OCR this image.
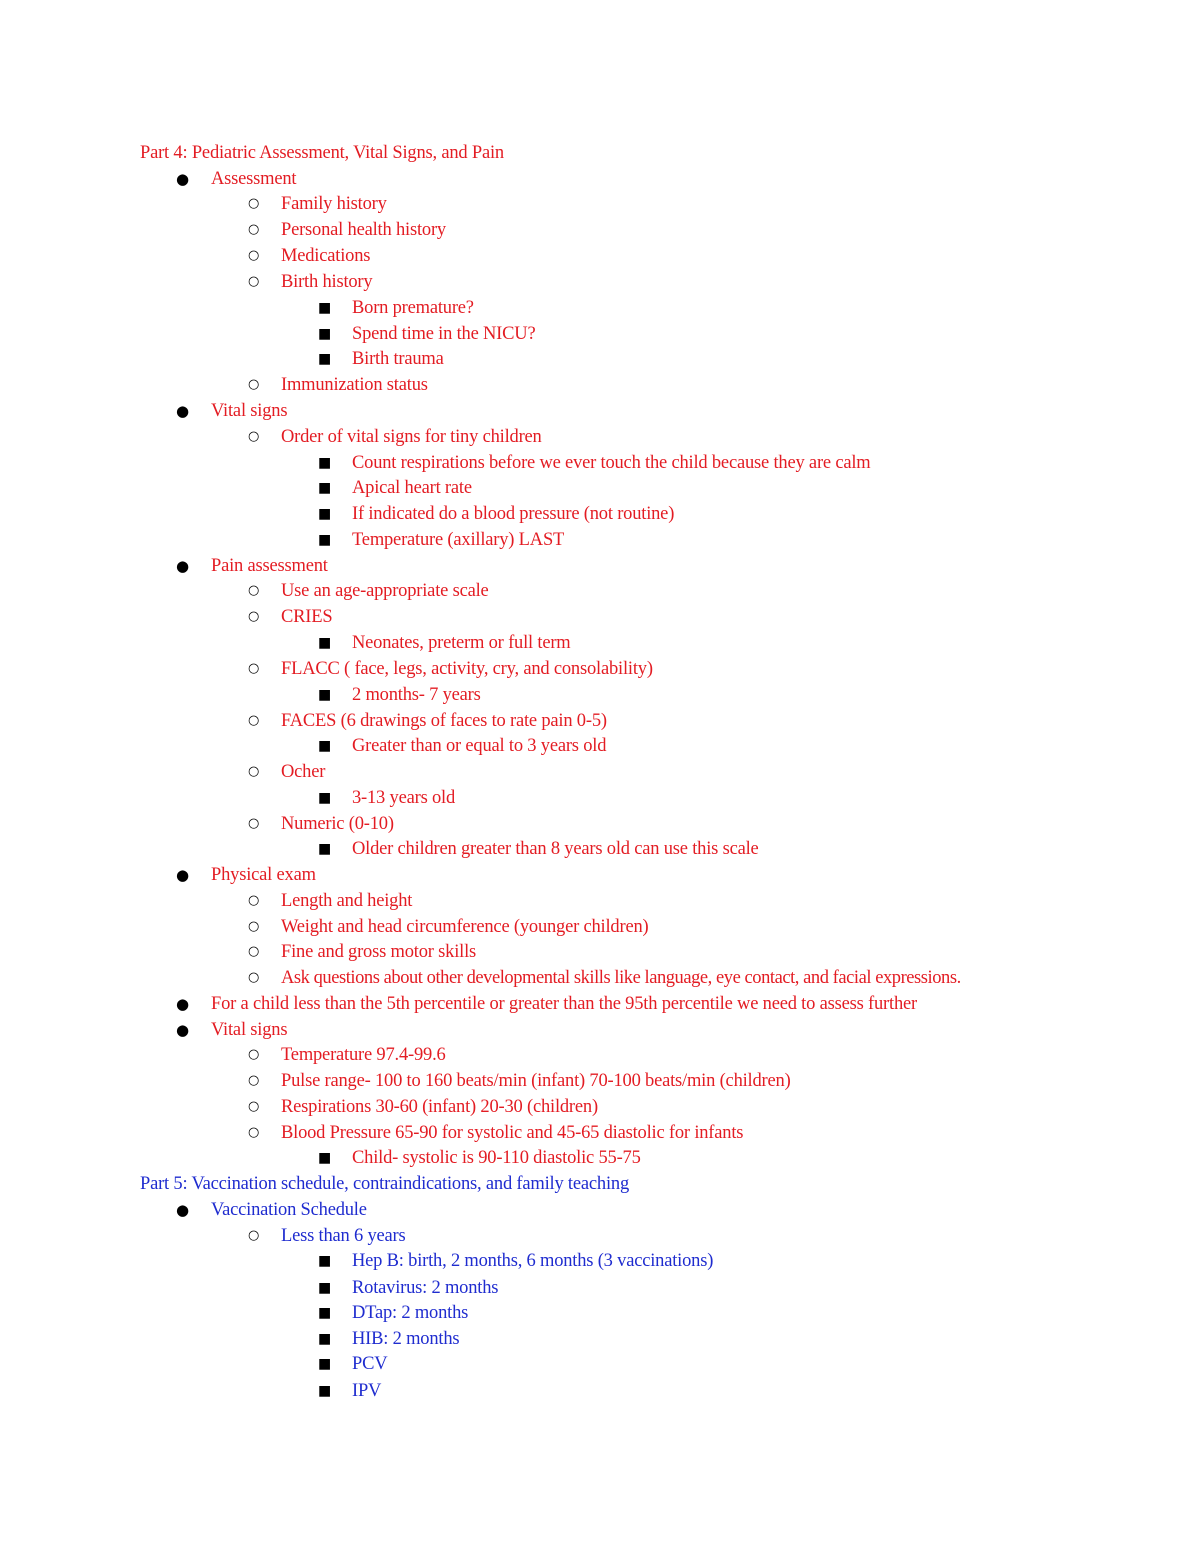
Part 4: Pediatric Assessment, Vital Signs, and Pain
● Assessment
○ Family history
○ Personal health history
○ Medications
○ Birth history
■ Born premature?
■ Spend time in the NICU?
■ Birth trauma
○ Immunization status
● Vital signs
○ Order of vital signs for tiny children
■ Count respirations before we ever touch the child because they are calm
■ Apical heart rate
■ If indicated do a blood pressure (not routine)
■ Temperature (axillary) LAST
● Pain assessment
○ Use an age-appropriate scale
○ CRIES
■ Neonates, preterm or full term
○ FLACC ( face, legs, activity, cry, and consolability)
■ 2 months- 7 years
○ FACES (6 drawings of faces to rate pain 0-5)
■ Greater than or equal to 3 years old
○ Ocher
■ 3-13 years old
○ Numeric (0-10)
■ Older children greater than 8 years old can use this scale
● Physical exam
○ Length and height
○ Weight and head circumference (younger children)
○ Fine and gross motor skills
○ Ask questions about other developmental skills like language, eye contact, and facial expressions.
● For a child less than the 5th percentile or greater than the 95th percentile we need to assess further
● Vital signs
○ Temperature 97.4-99.6
○ Pulse range- 100 to 160 beats/min (infant) 70-100 beats/min (children)
○ Respirations 30-60 (infant) 20-30 (children)
○ Blood Pressure 65-90 for systolic and 45-65 diastolic for infants
■ Child- systolic is 90-110 diastolic 55-75
Part 5: Vaccination schedule, contraindications, and family teaching
● Vaccination Schedule
○ Less than 6 years
■ Hep B: birth, 2 months, 6 months (3 vaccinations)
■ Rotavirus: 2 months
■ DTap: 2 months
■ HIB: 2 months
■ PCV
■ IPV
